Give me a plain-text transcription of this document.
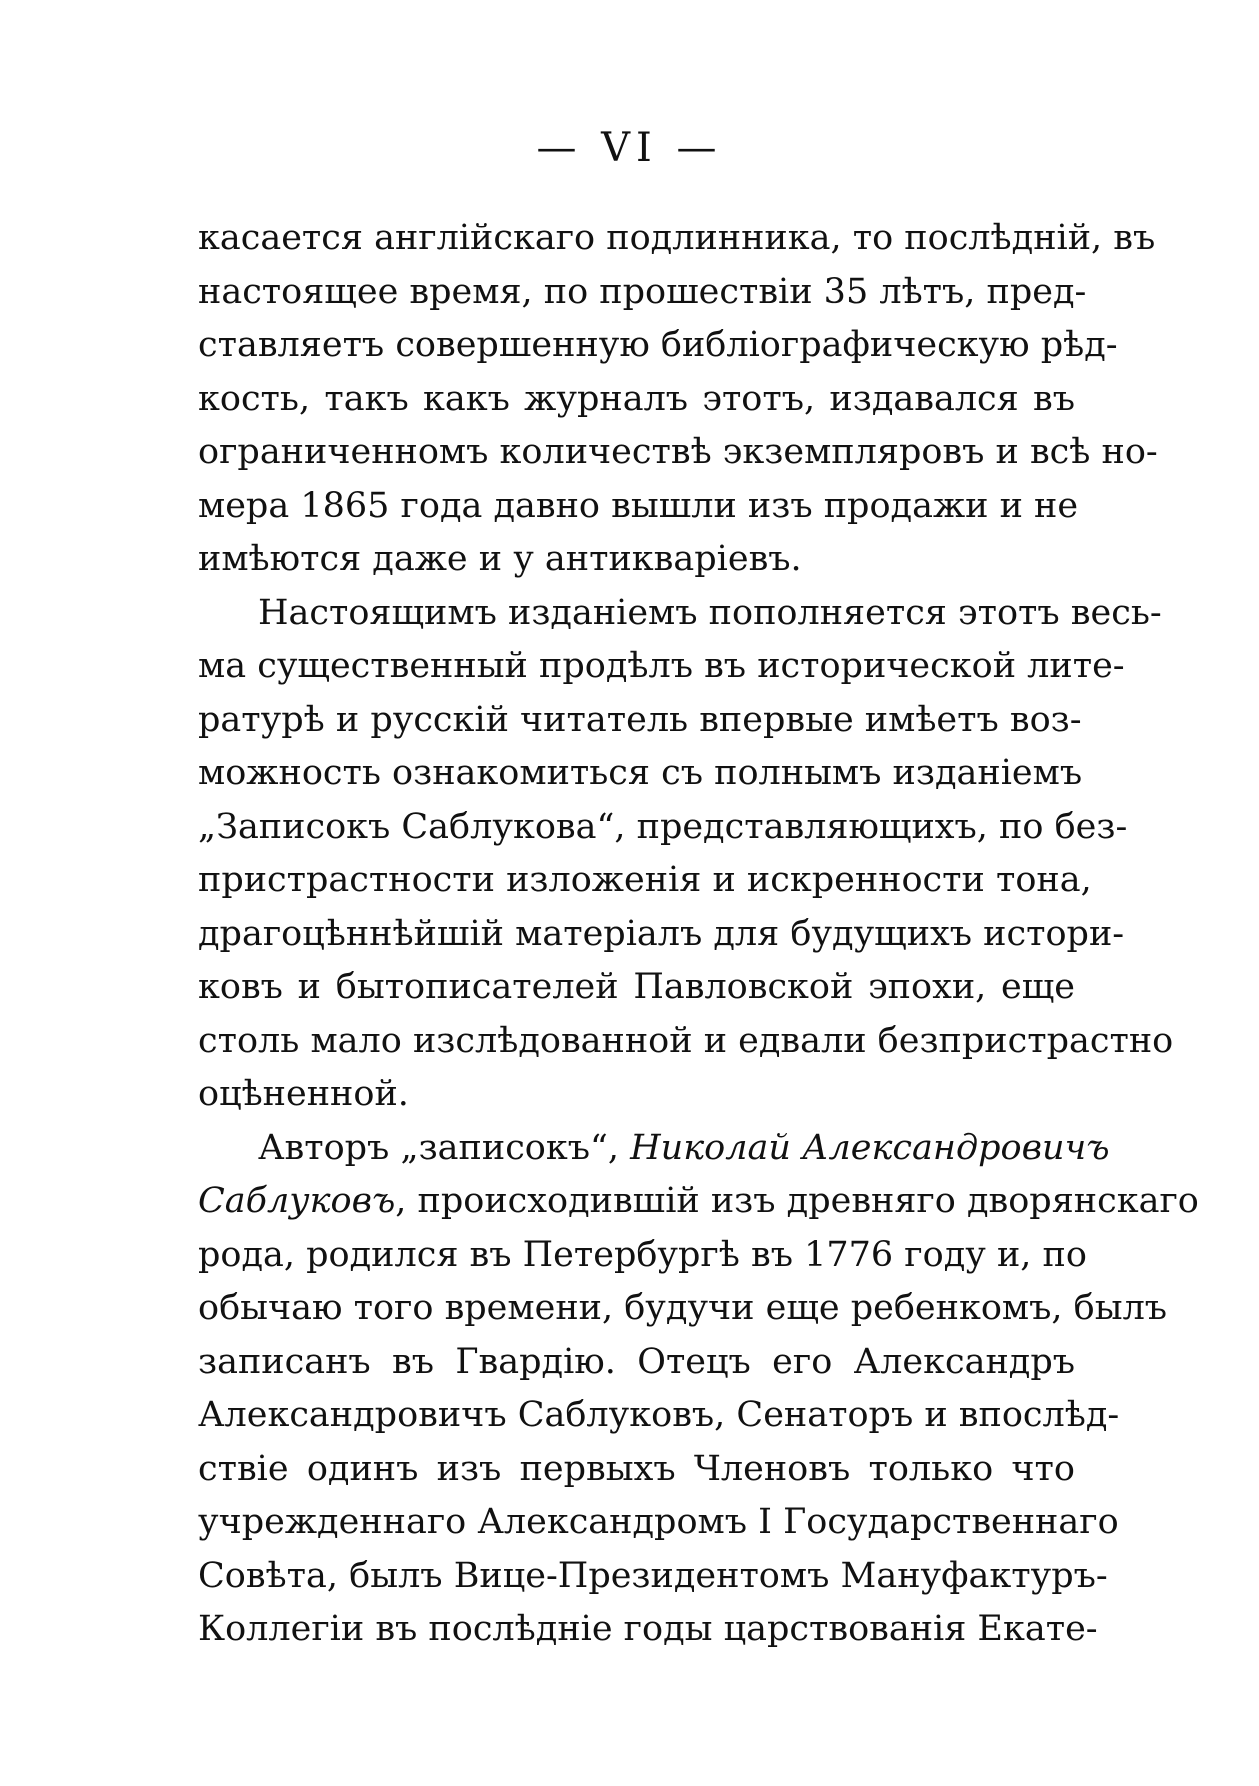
— VI —
касается англійскаго подлинника, то послѣдній, въ
настоящее время, по прошествіи 35 лѣтъ, пред-
ставляетъ совершенную библіографическую рѣд-
кость, такъ какъ журналъ этотъ, издавался въ
ограниченномъ количествѣ экземпляровъ и всѣ но-
мера 1865 года давно вышли изъ продажи и не
имѣются даже и у антикваріевъ.
Настоящимъ изданіемъ пополняется этотъ весь-
ма существенный продѣлъ въ исторической лите-
ратурѣ и русскій читатель впервые имѣетъ воз-
можность ознакомиться съ полнымъ изданіемъ
„Записокъ Саблукова“, представляющихъ, по без-
пристрастности изложенія и искренности тона,
драгоцѣннѣйшій матеріалъ для будущихъ истори-
ковъ и бытописателей Павловской эпохи, еще
столь мало изслѣдованной и едвали безпристрастно
оцѣненной.
Авторъ „записокъ“, Николай Александровичъ
Саблуковъ, происходившій изъ древняго дворянскаго
рода, родился въ Петербургѣ въ 1776 году и, по
обычаю того времени, будучи еще ребенкомъ, былъ
записанъ въ Гвардію. Отецъ его Александръ
Александровичъ Саблуковъ, Сенаторъ и впослѣд-
ствіе одинъ изъ первыхъ Членовъ только что
учрежденнаго Александромъ I Государственнаго
Совѣта, былъ Вице-Президентомъ Мануфактуръ-
Коллегіи въ послѣдніе годы царствованія Екате-
